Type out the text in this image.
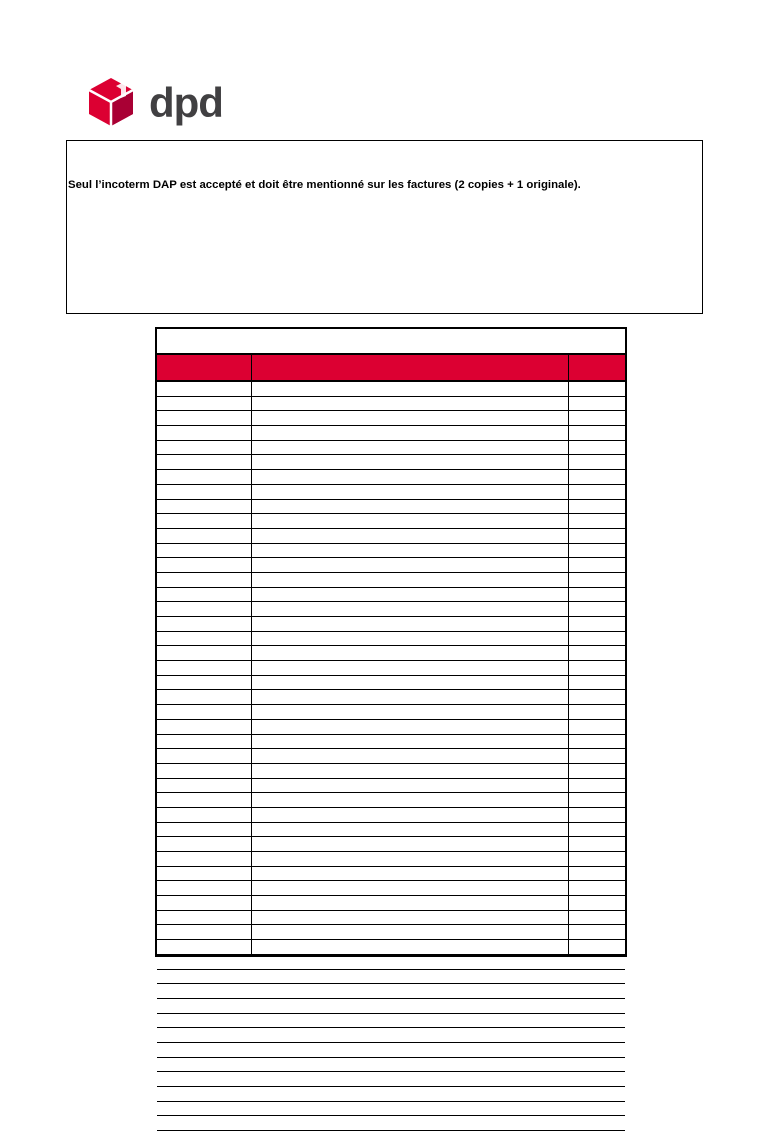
dpd
Seul l’incoterm DAP est accepté et doit être mentionné sur les factures (2 copies + 1 originale).
